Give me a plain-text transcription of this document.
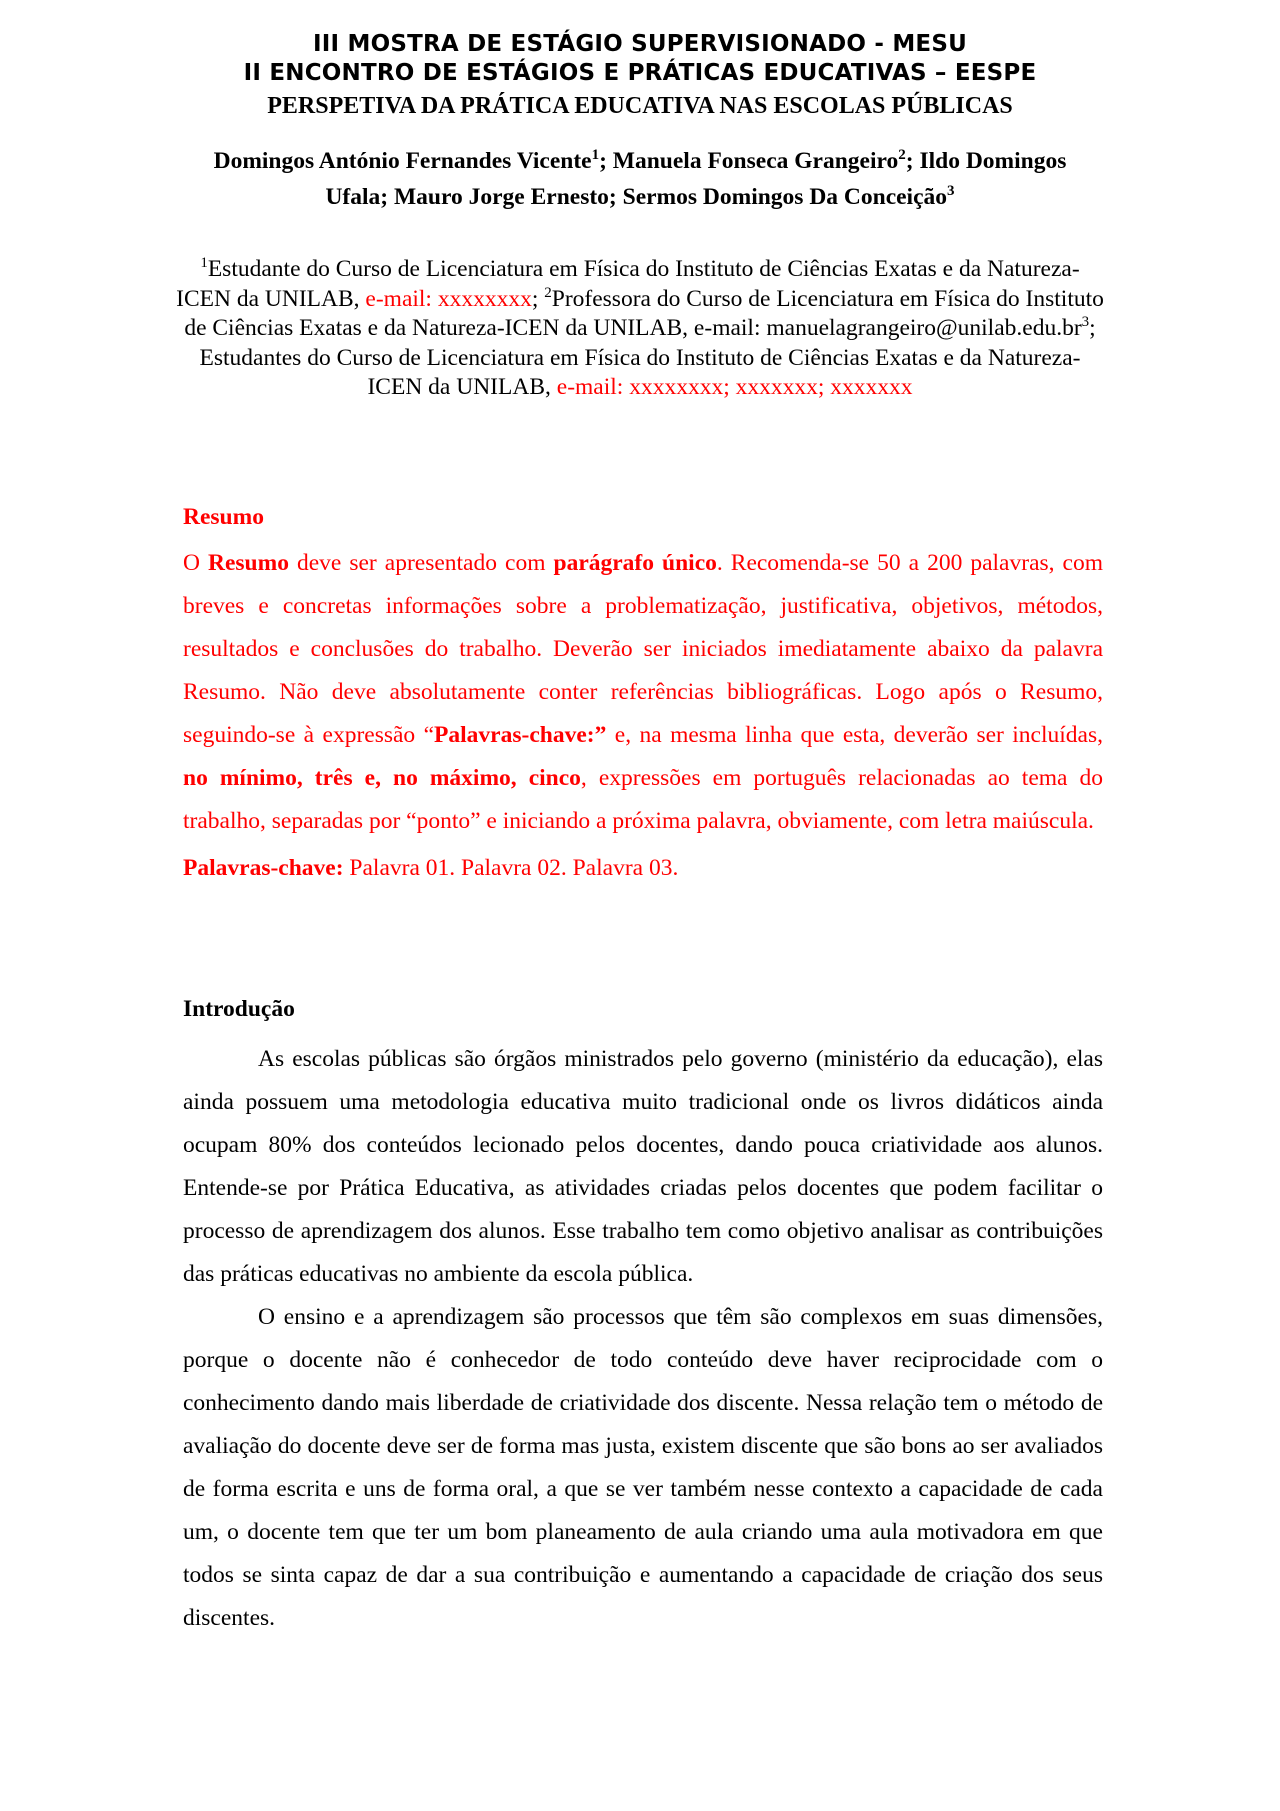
III MOSTRA DE ESTÁGIO SUPERVISIONADO - MESU
II ENCONTRO DE ESTÁGIOS E PRÁTICAS EDUCATIVAS – EESPE
PERSPETIVA DA PRÁTICA EDUCATIVA NAS ESCOLAS PÚBLICAS
Domingos António Fernandes Vicente$^1$; Manuela Fonseca Grangeiro$^2$; Ildo Domingos Ufala; Mauro Jorge Ernesto; Sermos Domingos Da Conceição$^3$
$^1$Estudante do Curso de Licenciatura em Física do Instituto de Ciências Exatas e da Natureza-ICEN da UNILAB, e-mail: xxxxxxxx; $^2$Professora do Curso de Licenciatura em Física do Instituto de Ciências Exatas e da Natureza-ICEN da UNILAB, e-mail: $manuelagrangeiro@unilab.edu.br^3$; Estudantes do Curso de Licenciatura em Física do Instituto de Ciências Exatas e da Natureza-ICEN da UNILAB, e-mail: xxxxxxxx; xxxxxxx; xxxxxxx
Resumo

O Resumo deve ser apresentado com parágrafo único. Recomenda-se 50 a 200 palavras, com breves e concretas informações sobre a problematização, justificativa, objetivos, métodos, resultados e conclusões do trabalho. Deverão ser iniciados imediatamente abaixo da palavra Resumo. Não deve absolutamente conter referências bibliográficas. Logo após o Resumo, seguindo-se à expressão “Palavras-chave:” e, na mesma linha que esta, deverão ser incluídas, no mínimo, três e, no máximo, cinco, expressões em português relacionadas ao tema do trabalho, separadas por “ponto” e iniciando a próxima palavra, obviamente, com letra maiúscula.

Palavras-chave: Palavra 01. Palavra 02. Palavra 03.
Introdução

As escolas públicas são órgãos ministrados pelo governo (ministério da educação), elas ainda possuem uma metodologia educativa muito tradicional onde os livros didáticos ainda ocupam 80% dos conteúdos lecionado pelos docentes, dando pouca criatividade aos alunos. Entende-se por Prática Educativa, as atividades criadas pelos docentes que podem facilitar o processo de aprendizagem dos alunos. Esse trabalho tem como objetivo analisar as contribuições das práticas educativas no ambiente da escola pública.

O ensino e a aprendizagem são processos que têm são complexos em suas dimensões, porque o docente não é conhecedor de todo conteúdo deve haver reciprocidade com o conhecimento dando mais liberdade de criatividade dos discente. Nessa relação tem o método de avaliação do docente deve ser de forma mas justa, existem discente que são bons ao ser avaliados de forma escrita e uns de forma oral, a que se ver também nesse contexto a capacidade de cada um, o docente tem que ter um bom planeamento de aula criando uma aula motivadora em que todos se sinta capaz de dar a sua contribuição e aumentando a capacidade de criação dos seus discentes.
